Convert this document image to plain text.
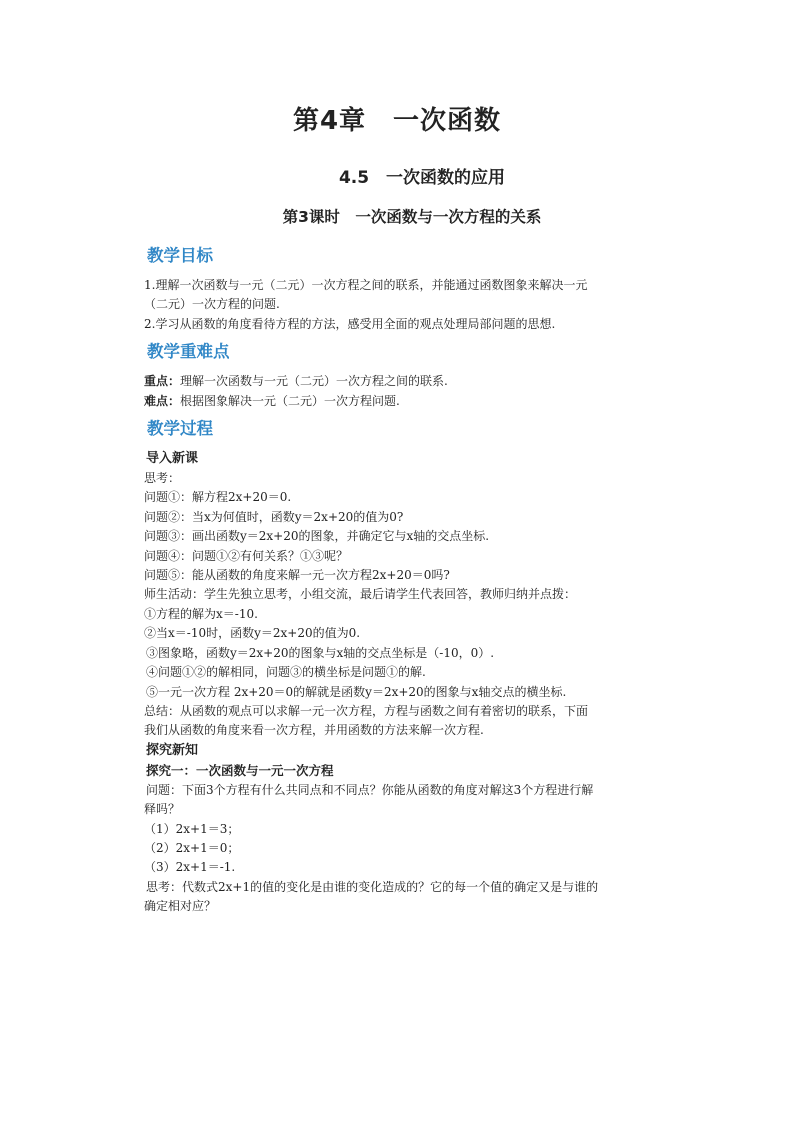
第4章　一次函数
4.5　一次函数的应用
第3课时　一次函数与一次方程的关系
教学目标

1.理解一次函数与一元（二元）一次方程之间的联系，并能通过函数图象来解决一元

（二元）一次方程的问题.

2.学习从函数的角度看待方程的方法，感受用全面的观点处理局部问题的思想.

教学重难点

重点：理解一次函数与一元（二元）一次方程之间的联系.

难点：根据图象解决一元（二元）一次方程问题.

教学过程
导入新课

思考：

问题①：解方程2x+20＝0.

问题②：当x为何值时，函数y＝2x+20的值为0?

问题③：画出函数y＝2x+20的图象，并确定它与x轴的交点坐标.

问题④：问题①②有何关系？①③呢？

问题⑤：能从函数的角度来解一元一次方程2x+20＝0吗?

师生活动：学生先独立思考，小组交流，最后请学生代表回答，教师归纳并点拨：

①方程的解为x＝-10.

②当x＝-10时，函数y＝2x+20的值为0.

③图象略，函数y＝2x+20的图象与x轴的交点坐标是（-10，0）.

④问题①②的解相同，问题③的横坐标是问题①的解.

⑤一元一次方程 2x+20＝0的解就是函数y＝2x+20的图象与x轴交点的横坐标.

总结：从函数的观点可以求解一元一次方程，方程与函数之间有着密切的联系，下面

我们从函数的角度来看一次方程，并用函数的方法来解一次方程.

探究新知
探究一：一次函数与一元一次方程

问题：下面3个方程有什么共同点和不同点？你能从函数的角度对解这3个方程进行解

释吗？

（1）2x+1＝3；

（2）2x+1＝0；

（3）2x+1＝-1.

思考：代数式2x+1的值的变化是由谁的变化造成的？它的每一个值的确定又是与谁的

确定相对应？
